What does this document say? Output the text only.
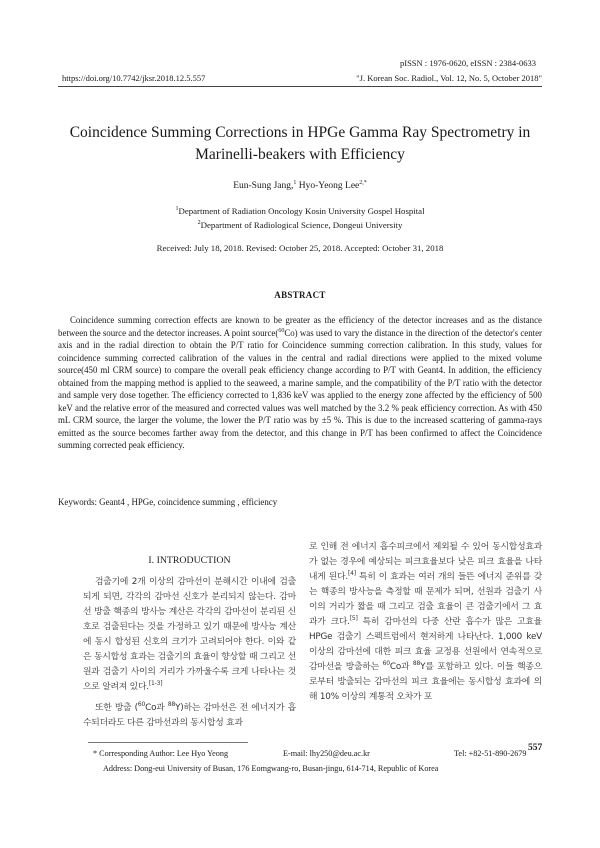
pISSN : 1976-0620, eISSN : 2384-0633
https://doi.org/10.7742/jksr.2018.12.5.557	"J. Korean Soc. Radiol., Vol. 12, No. 5, October 2018"
Coincidence Summing Corrections in HPGe Gamma Ray Spectrometry in
Marinelli-beakers with Efficiency
Eun-Sung Jang,$^1$ Hyo-Yeong Lee$^{2,*}$
$^1$Department of Radiation Oncology Kosin University Gospel Hospital
$^2$Department of Radiological Science, Dongeui University
Received: July 18, 2018. Revised: October 25, 2018. Accepted: October 31, 2018
ABSTRACT
Coincidence summing correction effects are known to be greater as the efficiency of the detector increases and as the distance between the source and the detector increases. A point source($^{60}$Co) was used to vary the distance in the direction of the detector's center axis and in the radial direction to obtain the P/T ratio for Coincidence summing correction calibration. In this study, values for coincidence summing corrected calibration of the values in the central and radial directions were applied to the mixed volume source(450 ml CRM source) to compare the overall peak efficiency change according to P/T with Geant4. In addition, the efficiency obtained from the mapping method is applied to the seaweed, a marine sample, and the compatibility of the P/T ratio with the detector and sample very dose together. The efficiency corrected to 1,836 keV was applied to the energy zone affected by the efficiency of 500 keV and the relative error of the measured and corrected values was well matched by the 3.2 % peak efficiency correction. As with 450 mL CRM source, the larger the volume, the lower the P/T ratio was by ±5 %. This is due to the increased scattering of gamma-rays emitted as the source becomes farther away from the detector, and this change in P/T has been confirmed to affect the Coincidence summing corrected peak efficiency.
Keywords: Geant4 , HPGe, coincidence summing , efficiency
I. INTRODUCTION

검출기에 2개 이상의 감마선이 분해시간 이내에 검출되게 되면, 각각의 감마선 신호가 분리되지 않는다. 감마선 방출 핵종의 방사능 계산은 각각의 감마선이 분리된 신호로 검출된다는 것을 가정하고 있기 때문에 방사능 계산에 동시 합성된 신호의 크기가 고려되어야 한다. 이와 같은 동시합성 효과는 검출기의 효율이 향상할 때 그리고 선원과 검출기 사이의 거리가 가까울수록 크게 나타나는 것으로 알려져 있다.[1-3]

또한 방출 ($^{60}$Co과 $^{88}$Y)하는 감마선은 전 에너지가 흡수되더라도 다른 감마선과의 동시합성 효과

로 인해 전 에너지 흡수피크에서 제외될 수 있어 동시합성효과가 없는 경우에 예상되는 피크효율보다 낮은 피크 효율을 나타내게 된다.[4] 특히 이 효과는 여러 개의 들뜬 에너지 준위를 갖는 핵종의 방사능을 측정할 때 문제가 되며, 선원과 검출기 사이의 거리가 짧을 때 그리고 검출 효율이 큰 검출기에서 그 효과가 크다.[5] 특히 감마선의 다중 산란 흡수가 많은 고효율 HPGe 검출기 스펙트럼에서 현저하게 나타난다. 1,000 keV 이상의 감마선에 대한 피크 효율 교정용 선원에서 연속적으로 감마선을 방출하는 $^{60}$Co과 $^{88}$Y를 포함하고 있다. 이들 핵종으로부터 방출되는 감마선의 피크 효율에는 동시합성 효과에 의해 10% 이상의 계통적 오차가 포

* Corresponding Author: Lee Hyo Yeong	E-mail: lhy250@deu.ac.kr	Tel: +82-51-890-2679
557
Address: Dong-eui University of Busan, 176 Eomgwang-ro, Busan-jingu, 614-714, Republic of Korea
